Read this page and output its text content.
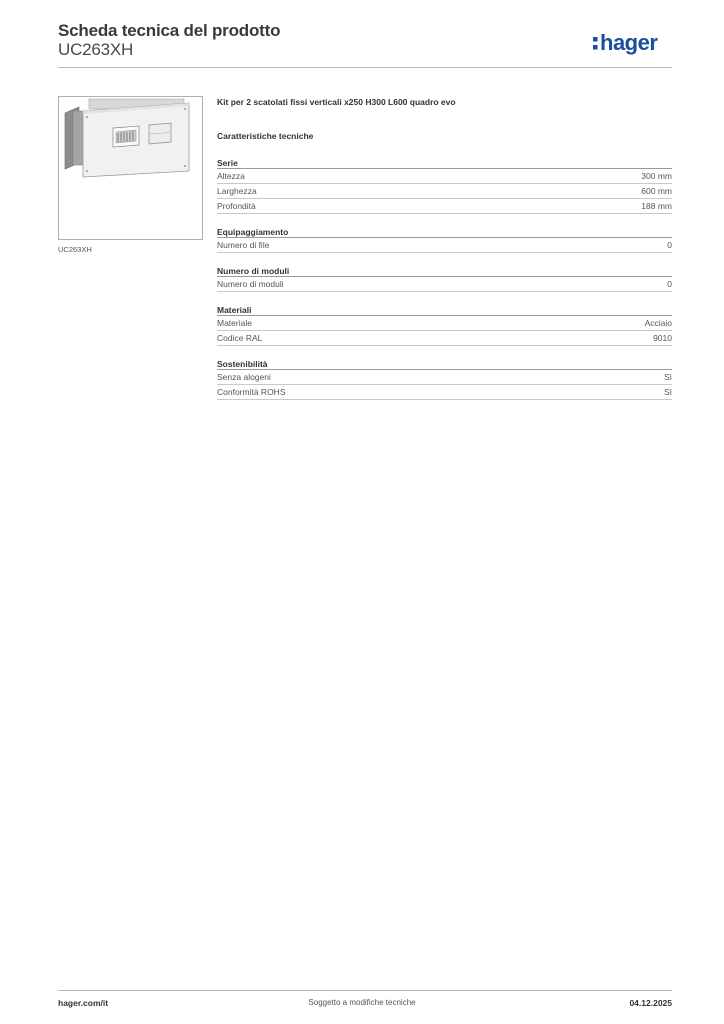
Scheda tecnica del prodotto
UC263XH	hager
UC263XH
Kit per 2 scatolati fissi verticali x250 H300 L600 quadro evo
Caratteristiche tecniche
Serie
Altezza	300 mm
Larghezza	600 mm
Profondità	188 mm
Equipaggiamento
Numero di file	0
Numero di moduli
Numero di moduli	0
Materiali
Materiale	Acciaio
Codice RAL	9010
Sostenibilità
Senza alogeni	Sì
Conformità ROHS	Sì
hager.com/it	Soggetto a modifiche tecniche	04.12.2025
